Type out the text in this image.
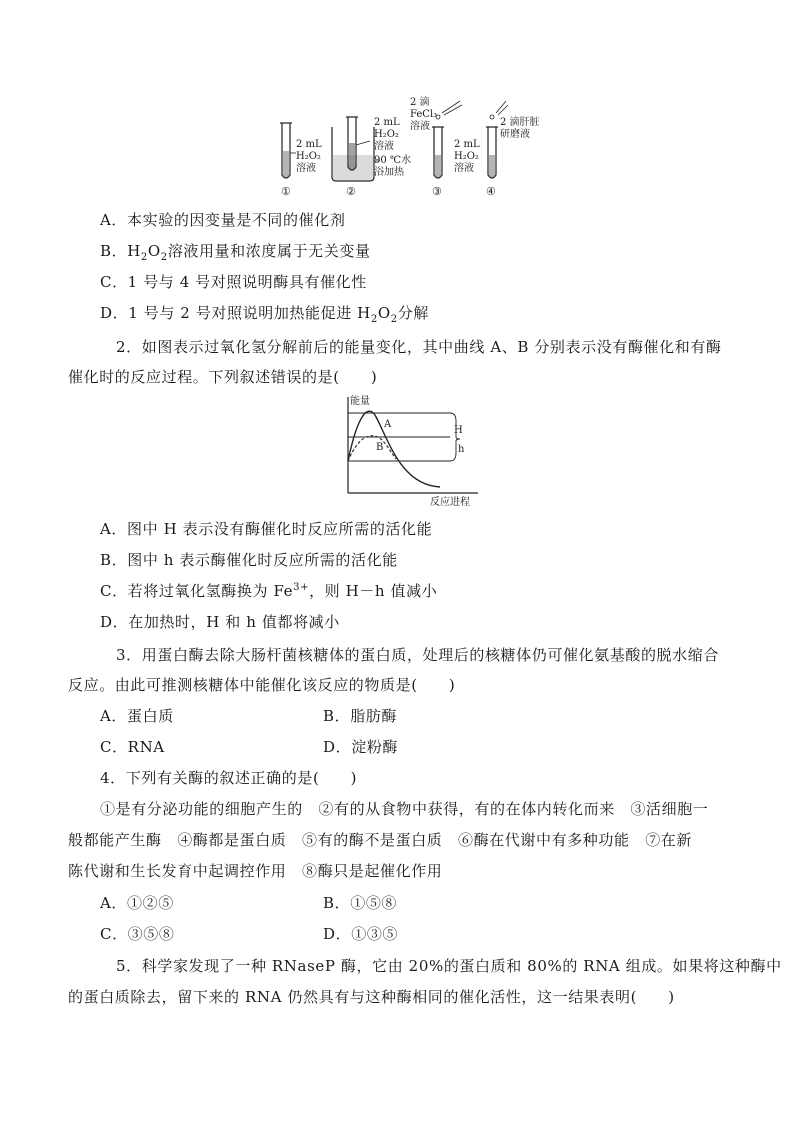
2 mL
H₂O₂
溶液
①
2 mL
H₂O₂
溶液
90 ℃水
浴加热
②
2 滴
FeCl₃
溶液
③
2 mL
H₂O₂
溶液
2 滴肝脏
研磨液
④
A．本实验的因变量是不同的催化剂
B．$H_2O_2$溶液用量和浓度属于无关变量
C．1 号与 4 号对照说明酶具有催化性
D．1 号与 2 号对照说明加热能促进 $H_2O_2$分解
2．如图表示过氧化氢分解前后的能量变化，其中曲线 A、B 分别表示没有酶催化和有酶
催化时的反应过程。下列叙述错误的是(　　)
能量
反应进程
A
B
H
h
A．图中 H 表示没有酶催化时反应所需的活化能
B．图中 h 表示酶催化时反应所需的活化能
C．若将过氧化氢酶换为 $Fe^{3+}$，则 H－h 值减小
D．在加热时，H 和 h 值都将减小
3．用蛋白酶去除大肠杆菌核糖体的蛋白质，处理后的核糖体仍可催化氨基酸的脱水缩合
反应。由此可推测核糖体中能催化该反应的物质是(　　)
A．蛋白质	B．脂肪酶
C．RNA	D．淀粉酶
4．下列有关酶的叙述正确的是(　　)
①是有分泌功能的细胞产生的　②有的从食物中获得，有的在体内转化而来　③活细胞一
般都能产生酶　④酶都是蛋白质　⑤有的酶不是蛋白质　⑥酶在代谢中有多种功能　⑦在新
陈代谢和生长发育中起调控作用　⑧酶只是起催化作用
A．①②⑤	B．①⑤⑧
C．③⑤⑧	D．①③⑤
5．科学家发现了一种 RNaseP 酶，它由 20%的蛋白质和 80%的 RNA 组成。如果将这种酶中
的蛋白质除去，留下来的 RNA 仍然具有与这种酶相同的催化活性，这一结果表明(　　)
